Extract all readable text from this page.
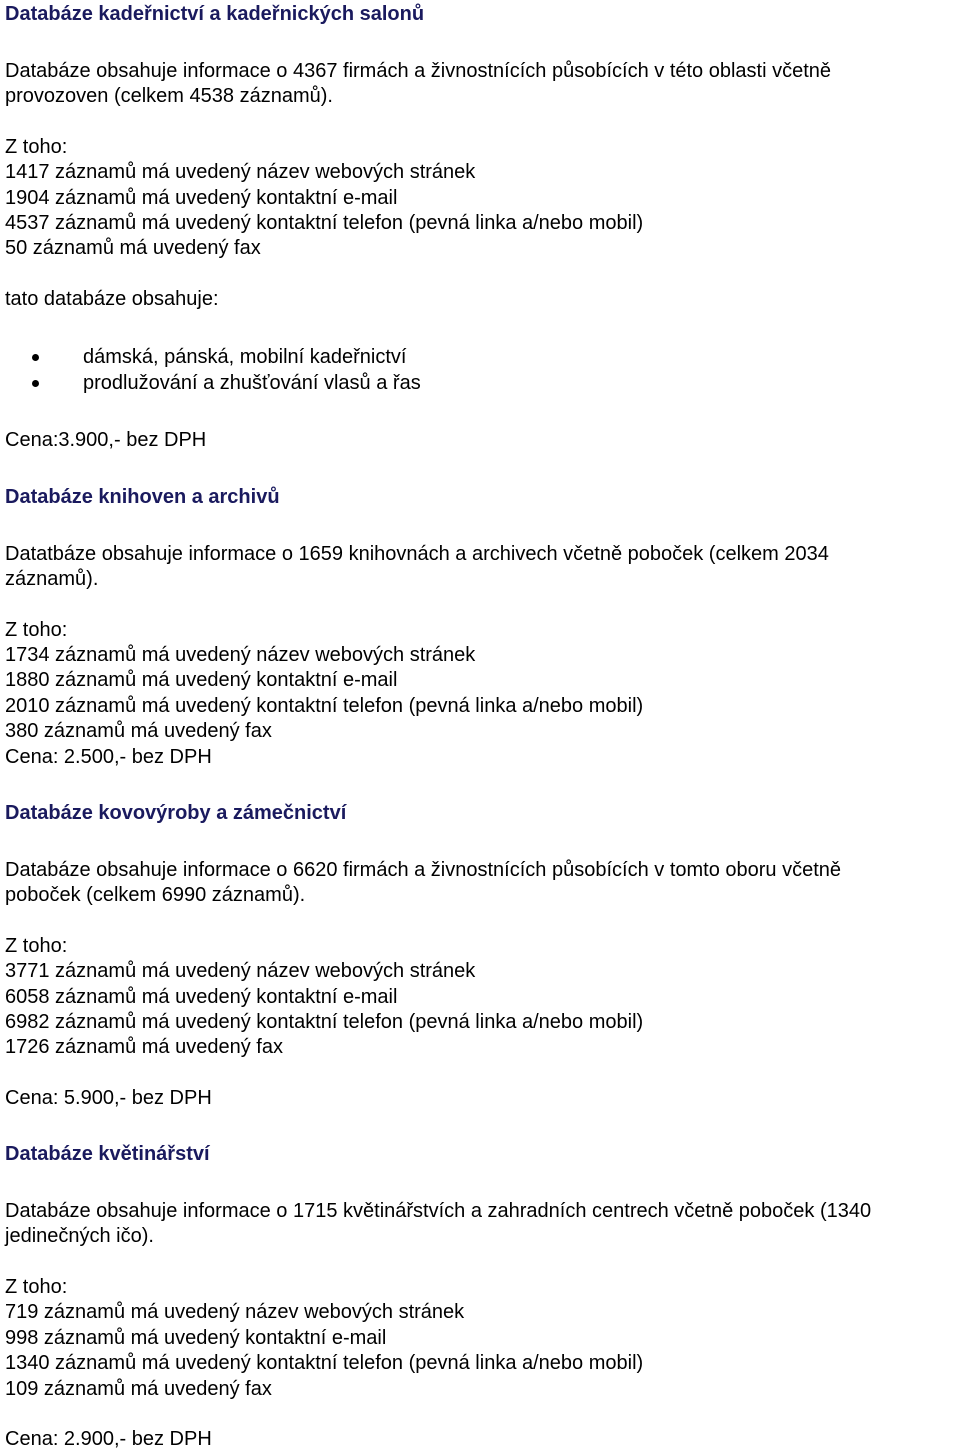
Databáze kadeřnictví a kadeřnických salonů
Databáze obsahuje informace o 4367 firmách a živnostnících působících v této oblasti včetně
provozoven (celkem 4538 záznamů).
Z toho:
1417 záznamů má uvedený název webových stránek
1904 záznamů má uvedený kontaktní e-mail
4537 záznamů má uvedený kontaktní telefon (pevná linka a/nebo mobil)
50 záznamů má uvedený fax
tato databáze obsahuje:
dámská, pánská, mobilní kadeřnictví
prodlužování a zhušťování vlasů a řas
Cena:3.900,- bez DPH
Databáze knihoven a archivů
Datatbáze obsahuje informace o 1659 knihovnách a archivech včetně poboček (celkem 2034
záznamů).
Z toho:
1734 záznamů má uvedený název webových stránek
1880 záznamů má uvedený kontaktní e-mail
2010 záznamů má uvedený kontaktní telefon (pevná linka a/nebo mobil)
380 záznamů má uvedený fax
Cena: 2.500,- bez DPH
Databáze kovovýroby a zámečnictví
Databáze obsahuje informace o 6620 firmách a živnostnících působících v tomto oboru včetně
poboček (celkem 6990 záznamů).
Z toho:
3771 záznamů má uvedený název webových stránek
6058 záznamů má uvedený kontaktní e-mail
6982 záznamů má uvedený kontaktní telefon (pevná linka a/nebo mobil)
1726 záznamů má uvedený fax
Cena: 5.900,- bez DPH
Databáze květinářství
Databáze obsahuje informace o 1715 květinářstvích a zahradních centrech včetně poboček (1340
jedinečných ičo).
Z toho:
719 záznamů má uvedený název webových stránek
998 záznamů má uvedený kontaktní e-mail
1340 záznamů má uvedený kontaktní telefon (pevná linka a/nebo mobil)
109 záznamů má uvedený fax
Cena: 2.900,- bez DPH
